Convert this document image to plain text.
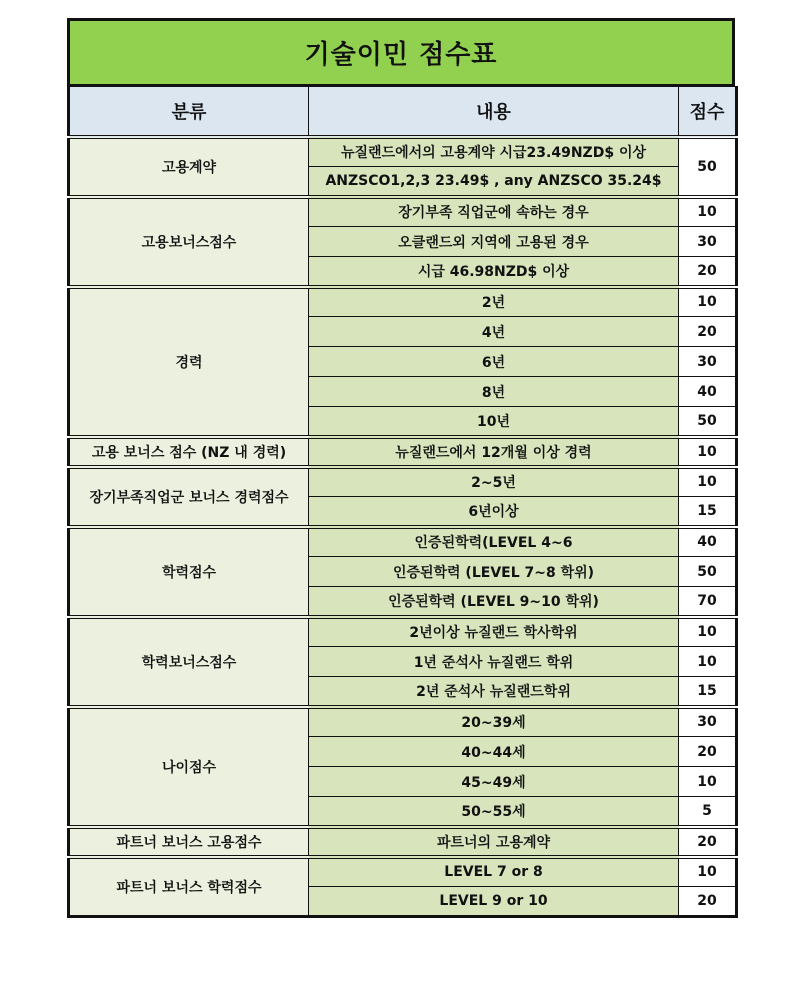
기술이민 점수표
분류	내용	점수
고용계약	뉴질랜드에서의 고용계약 시급23.49NZD$ 이상	50
	ANZSCO1,2,3 23.49$ , any ANZSCO 35.24$	
고용보너스점수	장기부족 직업군에 속하는 경우	10
	오클랜드외 지역에 고용된 경우	30
	시급 46.98NZD$ 이상	20
경력	2년	10
	4년	20
	6년	30
	8년	40
	10년	50
고용 보너스 점수 (NZ 내 경력)	뉴질랜드에서 12개월 이상 경력	10
장기부족직업군 보너스 경력점수	2~5년	10
	6년이상	15
학력점수	인증된학력(LEVEL 4~6	40
	인증된학력 (LEVEL 7~8 학위)	50
	인증된학력 (LEVEL 9~10 학위)	70
학력보너스점수	2년이상 뉴질랜드 학사학위	10
	1년 준석사 뉴질랜드 학위	10
	2년 준석사 뉴질랜드학위	15
나이점수	20~39세	30
	40~44세	20
	45~49세	10
	50~55세	5
파트너 보너스 고용점수	파트너의 고용계약	20
파트너 보너스 학력점수	LEVEL 7 or 8	10
	LEVEL 9 or 10	20
